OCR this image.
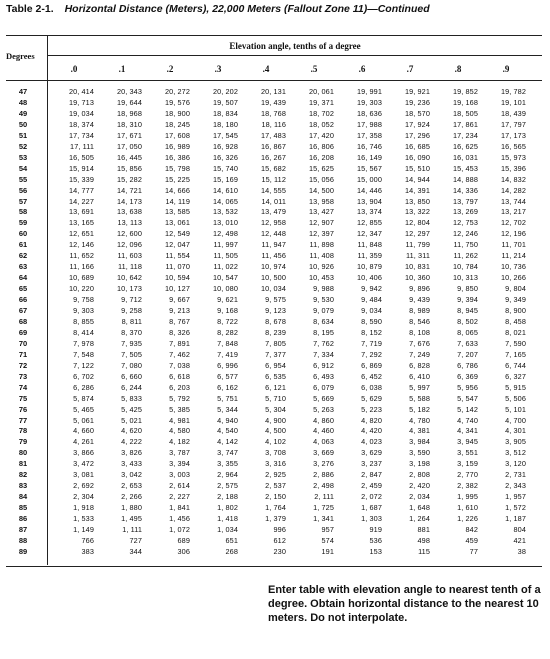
Table 2-1. Horizontal Distance (Meters), 22,000 Meters (Fallout Zone 11)—Continued
Degrees
Elevation angle, tenths of a degree
.0	.1	.2	.3	.4	.5	.6	.7	.8	.9
47	20, 414	20, 343	20, 272	20, 202	20, 131	20, 061	19, 991	19, 921	19, 852	19, 782
48	19, 713	19, 644	19, 576	19, 507	19, 439	19, 371	19, 303	19, 236	19, 168	19, 101
49	19, 034	18, 968	18, 900	18, 834	18, 768	18, 702	18, 636	18, 570	18, 505	18, 439
50	18, 374	18, 310	18, 245	18, 180	18, 116	18, 052	17, 988	17, 924	17, 861	17, 797
51	17, 734	17, 671	17, 608	17, 545	17, 483	17, 420	17, 358	17, 296	17, 234	17, 173
52	17, 111	17, 050	16, 989	16, 928	16, 867	16, 806	16, 746	16, 685	16, 625	16, 565
53	16, 505	16, 445	16, 386	16, 326	16, 267	16, 208	16, 149	16, 090	16, 031	15, 973
54	15, 914	15, 856	15, 798	15, 740	15, 682	15, 625	15, 567	15, 510	15, 453	15, 396
55	15, 339	15, 282	15, 225	15, 169	15, 112	15, 056	15, 000	14, 944	14, 888	14, 832
56	14, 777	14, 721	14, 666	14, 610	14, 555	14, 500	14, 446	14, 391	14, 336	14, 282
57	14, 227	14, 173	14, 119	14, 065	14, 011	13, 958	13, 904	13, 850	13, 797	13, 744
58	13, 691	13, 638	13, 585	13, 532	13, 479	13, 427	13, 374	13, 322	13, 269	13, 217
59	13, 165	13, 113	13, 061	13, 010	12, 958	12, 907	12, 855	12, 804	12, 753	12, 702
60	12, 651	12, 600	12, 549	12, 498	12, 448	12, 397	12, 347	12, 297	12, 246	12, 196
61	12, 146	12, 096	12, 047	11, 997	11, 947	11, 898	11, 848	11, 799	11, 750	11, 701
62	11, 652	11, 603	11, 554	11, 505	11, 456	11, 408	11, 359	11, 311	11, 262	11, 214
63	11, 166	11, 118	11, 070	11, 022	10, 974	10, 926	10, 879	10, 831	10, 784	10, 736
64	10, 689	10, 642	10, 594	10, 547	10, 500	10, 453	10, 406	10, 360	10, 313	10, 266
65	10, 220	10, 173	10, 127	10, 080	10, 034	9, 988	9, 942	9, 896	9, 850	9, 804
66	9, 758	9, 712	9, 667	9, 621	9, 575	9, 530	9, 484	9, 439	9, 394	9, 349
67	9, 303	9, 258	9, 213	9, 168	9, 123	9, 079	9, 034	8, 989	8, 945	8, 900
68	8, 855	8, 811	8, 767	8, 722	8, 678	8, 634	8, 590	8, 546	8, 502	8, 458
69	8, 414	8, 370	8, 326	8, 282	8, 239	8, 195	8, 152	8, 108	8, 065	8, 021
70	7, 978	7, 935	7, 891	7, 848	7, 805	7, 762	7, 719	7, 676	7, 633	7, 590
71	7, 548	7, 505	7, 462	7, 419	7, 377	7, 334	7, 292	7, 249	7, 207	7, 165
72	7, 122	7, 080	7, 038	6, 996	6, 954	6, 912	6, 869	6, 828	6, 786	6, 744
73	6, 702	6, 660	6, 618	6, 577	6, 535	6, 493	6, 452	6, 410	6, 369	6, 327
74	6, 286	6, 244	6, 203	6, 162	6, 121	6, 079	6, 038	5, 997	5, 956	5, 915
75	5, 874	5, 833	5, 792	5, 751	5, 710	5, 669	5, 629	5, 588	5, 547	5, 506
76	5, 465	5, 425	5, 385	5, 344	5, 304	5, 263	5, 223	5, 182	5, 142	5, 101
77	5, 061	5, 021	4, 981	4, 940	4, 900	4, 860	4, 820	4, 780	4, 740	4, 700
78	4, 660	4, 620	4, 580	4, 540	4, 500	4, 460	4, 420	4, 381	4, 341	4, 301
79	4, 261	4, 222	4, 182	4, 142	4, 102	4, 063	4, 023	3, 984	3, 945	3, 905
80	3, 866	3, 826	3, 787	3, 747	3, 708	3, 669	3, 629	3, 590	3, 551	3, 512
81	3, 472	3, 433	3, 394	3, 355	3, 316	3, 276	3, 237	3, 198	3, 159	3, 120
82	3, 081	3, 042	3, 003	2, 964	2, 925	2, 886	2, 847	2, 808	2, 770	2, 731
83	2, 692	2, 653	2, 614	2, 575	2, 537	2, 498	2, 459	2, 420	2, 382	2, 343
84	2, 304	2, 266	2, 227	2, 188	2, 150	2, 111	2, 072	2, 034	1, 995	1, 957
85	1, 918	1, 880	1, 841	1, 802	1, 764	1, 725	1, 687	1, 648	1, 610	1, 572
86	1, 533	1, 495	1, 456	1, 418	1, 379	1, 341	1, 303	1, 264	1, 226	1, 187
87	1, 149	1, 111	1, 072	1, 034	996	957	919	881	842	804
88	766	727	689	651	612	574	536	498	459	421
89	383	344	306	268	230	191	153	115	77	38
Enter table with elevation angle to nearest tenth of a degree. Obtain horizontal distance to the nearest 10 meters. Do not interpolate.
